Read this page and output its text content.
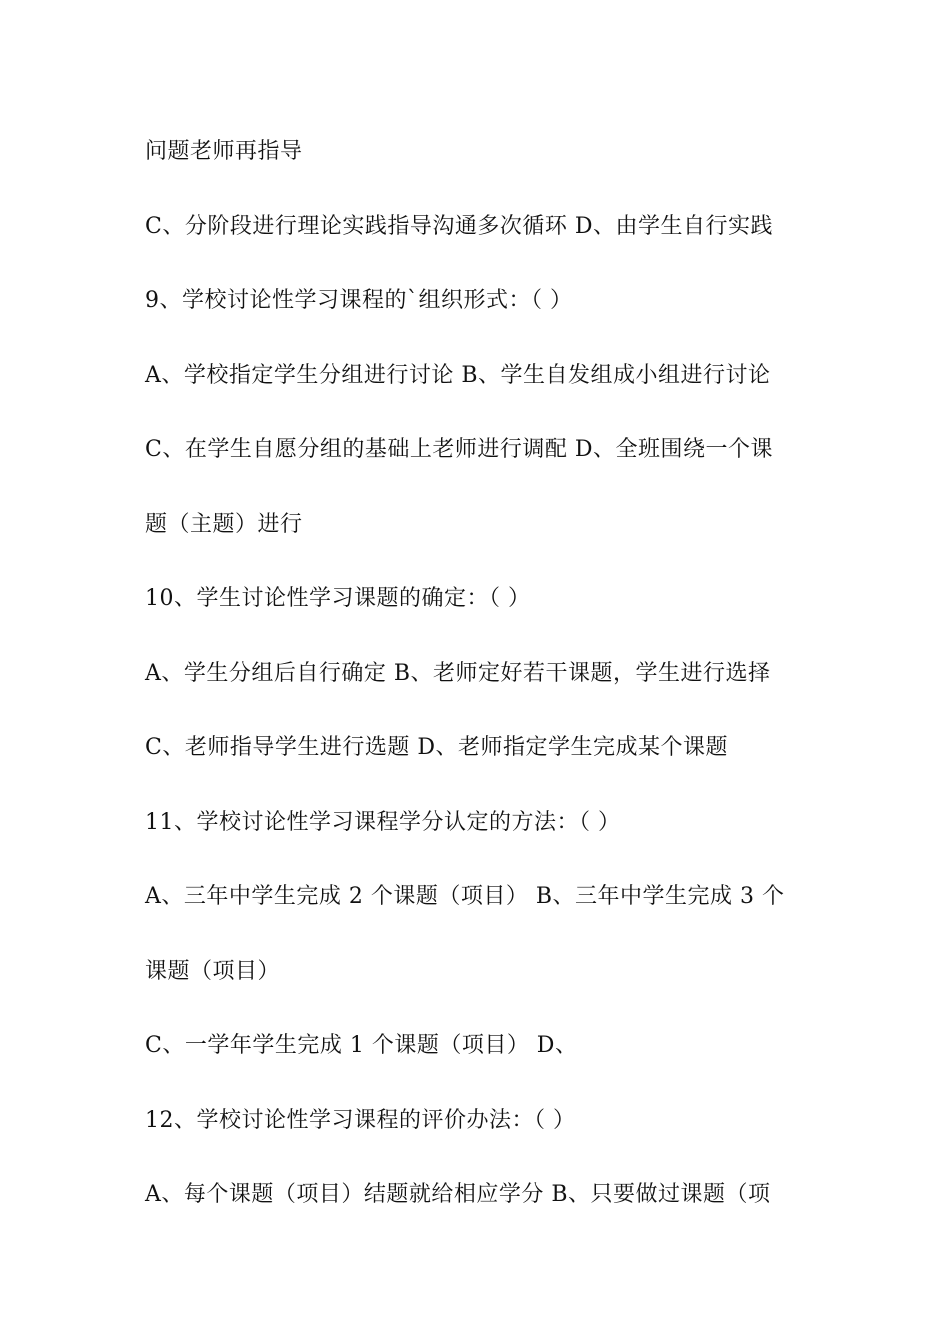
问题老师再指导

C、分阶段进行理论实践指导沟通多次循环 D、由学生自行实践

9、学校讨论性学习课程的`组织形式：（ ）

A、学校指定学生分组进行讨论 B、学生自发组成小组进行讨论

C、在学生自愿分组的基础上老师进行调配 D、全班围绕一个课

题（主题）进行

10、学生讨论性学习课题的确定：（ ）

A、学生分组后自行确定 B、老师定好若干课题，学生进行选择

C、老师指导学生进行选题 D、老师指定学生完成某个课题

11、学校讨论性学习课程学分认定的方法：（ ）

A、三年中学生完成 2 个课题（项目） B、三年中学生完成 3 个

课题（项目）

C、一学年学生完成 1 个课题（项目） D、

12、学校讨论性学习课程的评价办法：（ ）

A、每个课题（项目）结题就给相应学分 B、只要做过课题（项
